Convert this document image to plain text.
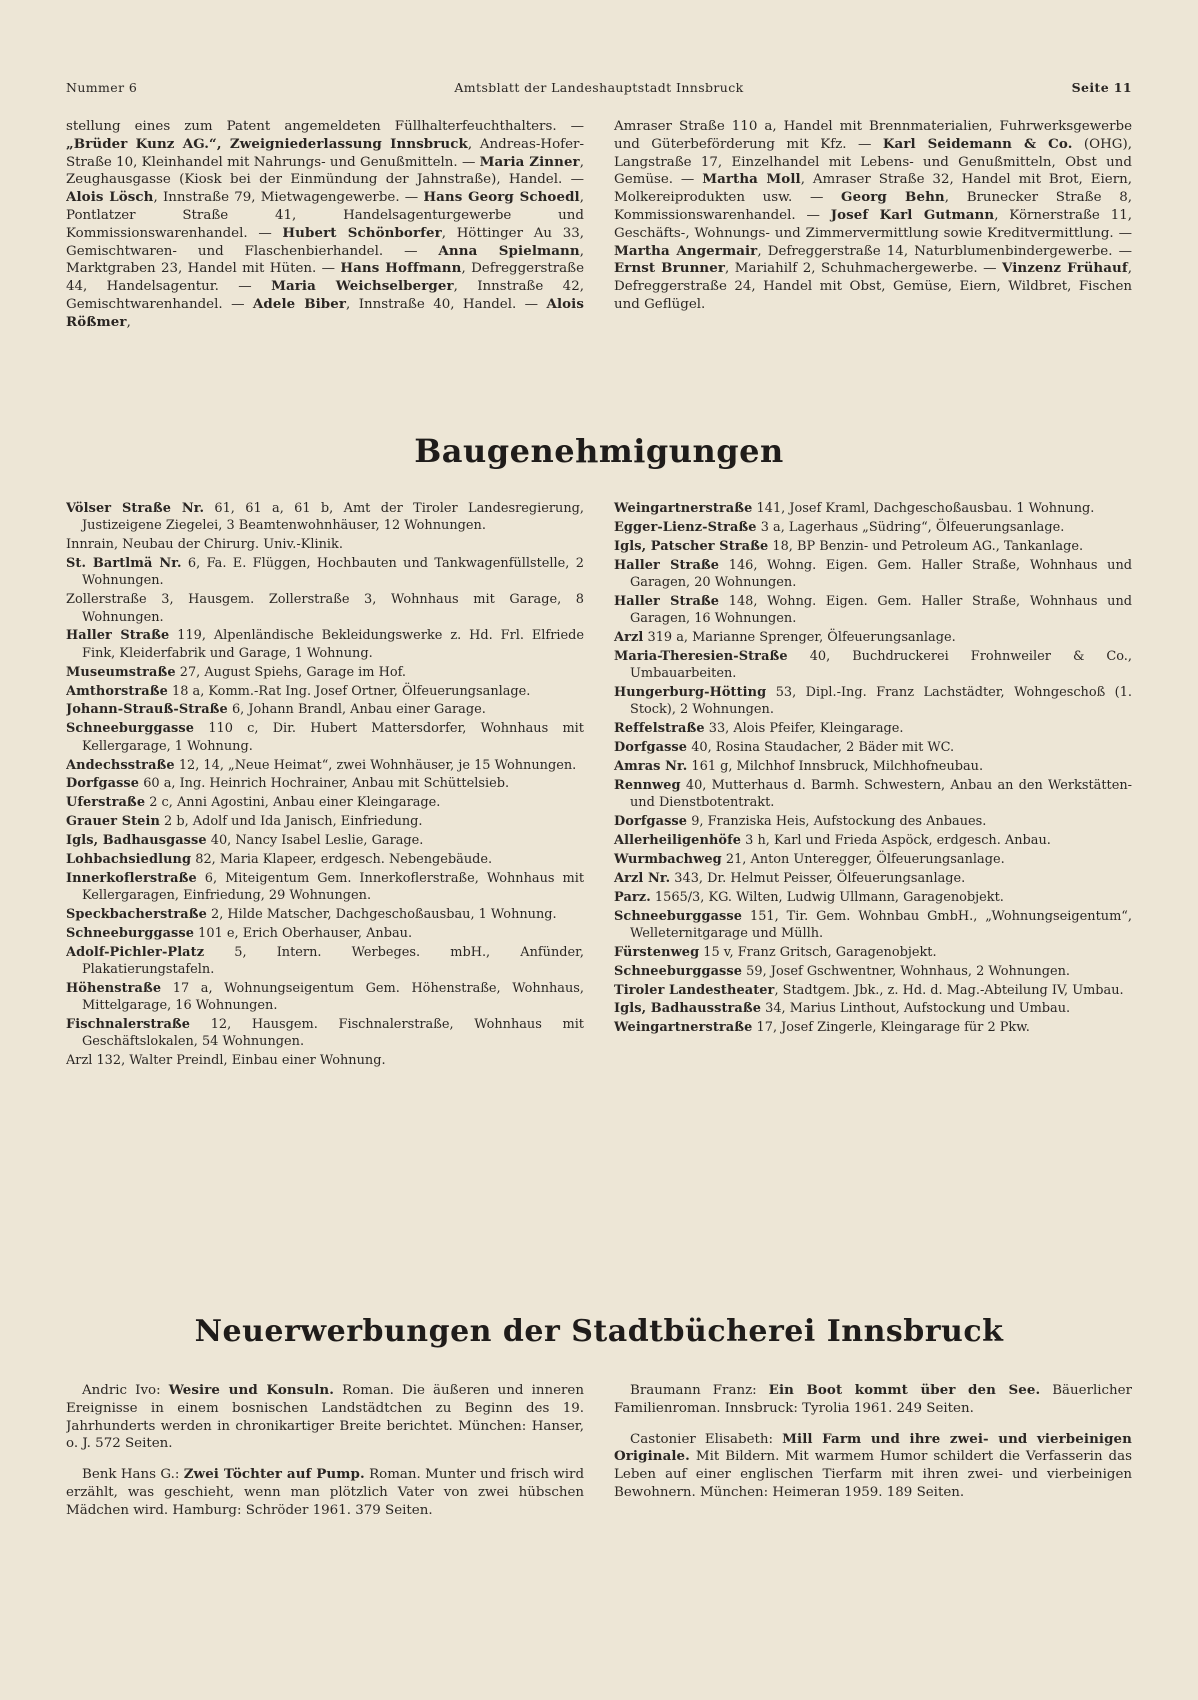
Nummer 6	Amtsblatt der Landeshauptstadt Innsbruck	Seite 11

stellung eines zum Patent angemeldeten Füllhalterfeuchthalters. — „Brüder Kunz AG.“, Zweigniederlassung Innsbruck, Andreas-Hofer-Straße 10, Kleinhandel mit Nahrungs- und Genußmitteln. — Maria Zinner, Zeughausgasse (Kiosk bei der Einmündung der Jahnstraße), Handel. — Alois Lösch, Innstraße 79, Mietwagengewerbe. — Hans Georg Schoedl, Pontlatzer Straße 41, Handelsagenturgewerbe und Kommissionswarenhandel. — Hubert Schönborfer, Höttinger Au 33, Gemischtwaren- und Flaschenbierhandel. — Anna Spielmann, Marktgraben 23, Handel mit Hüten. — Hans Hoffmann, Defreggerstraße 44, Handelsagentur. — Maria Weichselberger, Innstraße 42, Gemischtwarenhandel. — Adele Biber, Innstraße 40, Handel. — Alois Rößmer,

Amraser Straße 110 a, Handel mit Brennmaterialien, Fuhrwerksgewerbe und Güterbeförderung mit Kfz. — Karl Seidemann & Co. (OHG), Langstraße 17, Einzelhandel mit Lebens- und Genußmitteln, Obst und Gemüse. — Martha Moll, Amraser Straße 32, Handel mit Brot, Eiern, Molkereiprodukten usw. — Georg Behn, Brunecker Straße 8, Kommissionswarenhandel. — Josef Karl Gutmann, Körnerstraße 11, Geschäfts-, Wohnungs- und Zimmervermittlung sowie Kreditvermittlung. — Martha Angermair, Defreggerstraße 14, Naturblumenbindergewerbe. — Ernst Brunner, Mariahilf 2, Schuhmachergewerbe. — Vinzenz Frühauf, Defreggerstraße 24, Handel mit Obst, Gemüse, Eiern, Wildbret, Fischen und Geflügel.

Baugenehmigungen

Völser Straße Nr. 61, 61 a, 61 b, Amt der Tiroler Landesregierung, Justizeigene Ziegelei, 3 Beamtenwohnhäuser, 12 Wohnungen.

Innrain, Neubau der Chirurg. Univ.-Klinik.

St. Bartlmä Nr. 6, Fa. E. Flüggen, Hochbauten und Tankwagenfüllstelle, 2 Wohnungen.

Zollerstraße 3, Hausgem. Zollerstraße 3, Wohnhaus mit Garage, 8 Wohnungen.

Haller Straße 119, Alpenländische Bekleidungswerke z. Hd. Frl. Elfriede Fink, Kleiderfabrik und Garage, 1 Wohnung.

Museumstraße 27, August Spiehs, Garage im Hof.

Amthorstraße 18 a, Komm.-Rat Ing. Josef Ortner, Ölfeuerungsanlage.

Johann-Strauß-Straße 6, Johann Brandl, Anbau einer Garage.

Schneeburggasse 110 c, Dir. Hubert Mattersdorfer, Wohnhaus mit Kellergarage, 1 Wohnung.

Andechsstraße 12, 14, „Neue Heimat“, zwei Wohnhäuser, je 15 Wohnungen.

Dorfgasse 60 a, Ing. Heinrich Hochrainer, Anbau mit Schüttelsieb.

Uferstraße 2 c, Anni Agostini, Anbau einer Kleingarage.

Grauer Stein 2 b, Adolf und Ida Janisch, Einfriedung.

Igls, Badhausgasse 40, Nancy Isabel Leslie, Garage.

Lohbachsiedlung 82, Maria Klapeer, erdgesch. Nebengebäude.

Innerkoflerstraße 6, Miteigentum Gem. Innerkoflerstraße, Wohnhaus mit Kellergaragen, Einfriedung, 29 Wohnungen.

Speckbacherstraße 2, Hilde Matscher, Dachgeschoßausbau, 1 Wohnung.

Schneeburggasse 101 e, Erich Oberhauser, Anbau.

Adolf-Pichler-Platz 5, Intern. Werbeges. mbH., Anfünder, Plakatierungstafeln.

Höhenstraße 17 a, Wohnungseigentum Gem. Höhenstraße, Wohnhaus, Mittelgarage, 16 Wohnungen.

Fischnalerstraße 12, Hausgem. Fischnalerstraße, Wohnhaus mit Geschäftslokalen, 54 Wohnungen.

Arzl 132, Walter Preindl, Einbau einer Wohnung.

Weingartnerstraße 141, Josef Kraml, Dachgeschoßausbau. 1 Wohnung.

Egger-Lienz-Straße 3 a, Lagerhaus „Südring“, Ölfeuerungsanlage.

Igls, Patscher Straße 18, BP Benzin- und Petroleum AG., Tankanlage.

Haller Straße 146, Wohng. Eigen. Gem. Haller Straße, Wohnhaus und Garagen, 20 Wohnungen.

Haller Straße 148, Wohng. Eigen. Gem. Haller Straße, Wohnhaus und Garagen, 16 Wohnungen.

Arzl 319 a, Marianne Sprenger, Ölfeuerungsanlage.

Maria-Theresien-Straße 40, Buchdruckerei Frohnweiler & Co., Umbauarbeiten.

Hungerburg-Hötting 53, Dipl.-Ing. Franz Lachstädter, Wohngeschoß (1. Stock), 2 Wohnungen.

Reffelstraße 33, Alois Pfeifer, Kleingarage.

Dorfgasse 40, Rosina Staudacher, 2 Bäder mit WC.

Amras Nr. 161 g, Milchhof Innsbruck, Milchhofneubau.

Rennweg 40, Mutterhaus d. Barmh. Schwestern, Anbau an den Werkstätten- und Dienstbotentrakt.

Dorfgasse 9, Franziska Heis, Aufstockung des Anbaues.

Allerheiligenhöfe 3 h, Karl und Frieda Aspöck, erdgesch. Anbau.

Wurmbachweg 21, Anton Unteregger, Ölfeuerungsanlage.

Arzl Nr. 343, Dr. Helmut Peisser, Ölfeuerungsanlage.

Parz. 1565/3, KG. Wilten, Ludwig Ullmann, Garagenobjekt.

Schneeburggasse 151, Tir. Gem. Wohnbau GmbH., „Wohnungseigentum“, Welleternitgarage und Müllh.

Fürstenweg 15 v, Franz Gritsch, Garagenobjekt.

Schneeburggasse 59, Josef Gschwentner, Wohnhaus, 2 Wohnungen.

Tiroler Landestheater, Stadtgem. Jbk., z. Hd. d. Mag.-Abteilung IV, Umbau.

Igls, Badhausstraße 34, Marius Linthout, Aufstockung und Umbau.

Weingartnerstraße 17, Josef Zingerle, Kleingarage für 2 Pkw.

Neuerwerbungen der Stadtbücherei Innsbruck

Andric Ivo: Wesire und Konsuln. Roman. Die äußeren und inneren Ereignisse in einem bosnischen Landstädtchen zu Beginn des 19. Jahrhunderts werden in chronikartiger Breite berichtet. München: Hanser, o. J. 572 Seiten.

Benk Hans G.: Zwei Töchter auf Pump. Roman. Munter und frisch wird erzählt, was geschieht, wenn man plötzlich Vater von zwei hübschen Mädchen wird. Hamburg: Schröder 1961. 379 Seiten.

Braumann Franz: Ein Boot kommt über den See. Bäuerlicher Familienroman. Innsbruck: Tyrolia 1961. 249 Seiten.

Castonier Elisabeth: Mill Farm und ihre zwei- und vierbeinigen Originale. Mit Bildern. Mit warmem Humor schildert die Verfasserin das Leben auf einer englischen Tierfarm mit ihren zwei- und vierbeinigen Bewohnern. München: Heimeran 1959. 189 Seiten.
